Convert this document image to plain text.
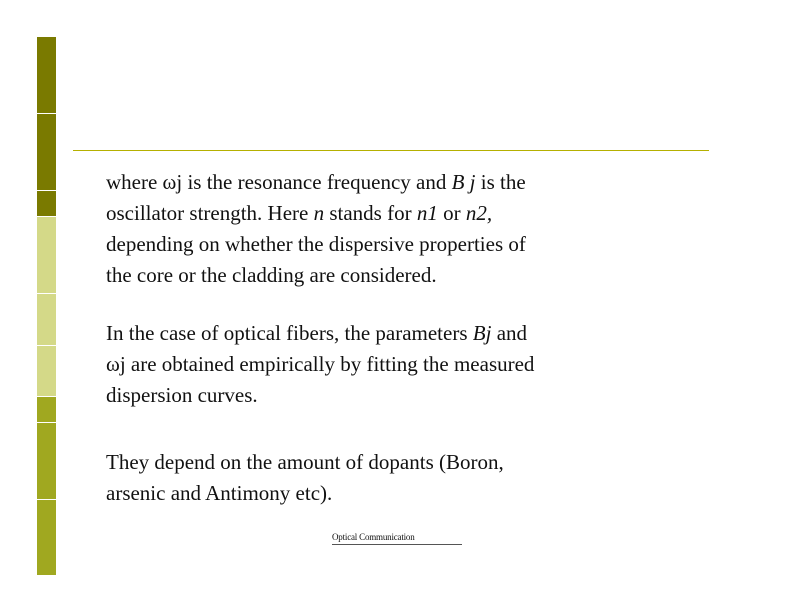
where ωj is the resonance frequency and B j is the
oscillator strength. Here n stands for n1 or n2,
depending on whether the dispersive properties of
the core or the cladding are considered.

In the case of optical fibers, the parameters Bj and
ωj are obtained empirically by fitting the measured
dispersion curves.

They depend on the amount of dopants (Boron,
arsenic and Antimony etc).

Optical Communication
